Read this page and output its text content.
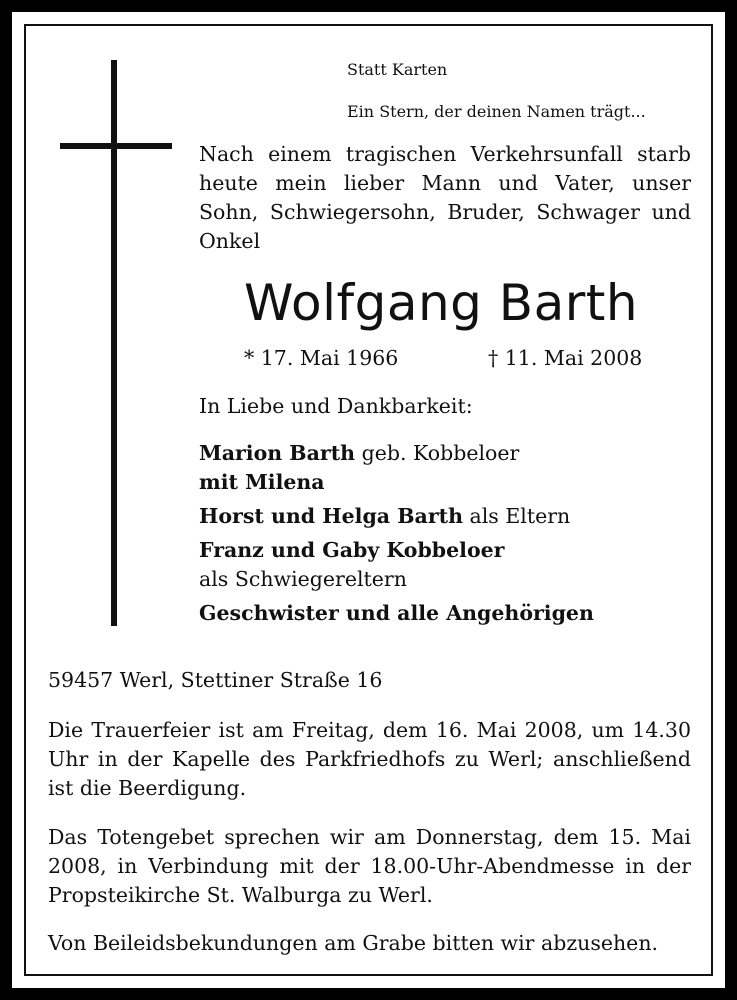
Statt Karten
Ein Stern, der deinen Namen trägt...
Nach einem tragischen Verkehrsunfall starb
heute mein lieber Mann und Vater, unser
Sohn, Schwiegersohn, Bruder, Schwager und
Onkel
Wolfgang Barth
* 17. Mai 1966	† 11. Mai 2008
In Liebe und Dankbarkeit:
Marion Barth geb. Kobbeloer
mit Milena
Horst und Helga Barth als Eltern
Franz und Gaby Kobbeloer
als Schwiegereltern
Geschwister und alle Angehörigen
59457 Werl, Stettiner Straße 16
Die Trauerfeier ist am Freitag, dem 16. Mai 2008, um 14.30
Uhr in der Kapelle des Parkfriedhofs zu Werl; anschließend
ist die Beerdigung.
Das Totengebet sprechen wir am Donnerstag, dem 15. Mai
2008, in Verbindung mit der 18.00-Uhr-Abendmesse in der
Propsteikirche St. Walburga zu Werl.
Von Beileidsbekundungen am Grabe bitten wir abzusehen.
